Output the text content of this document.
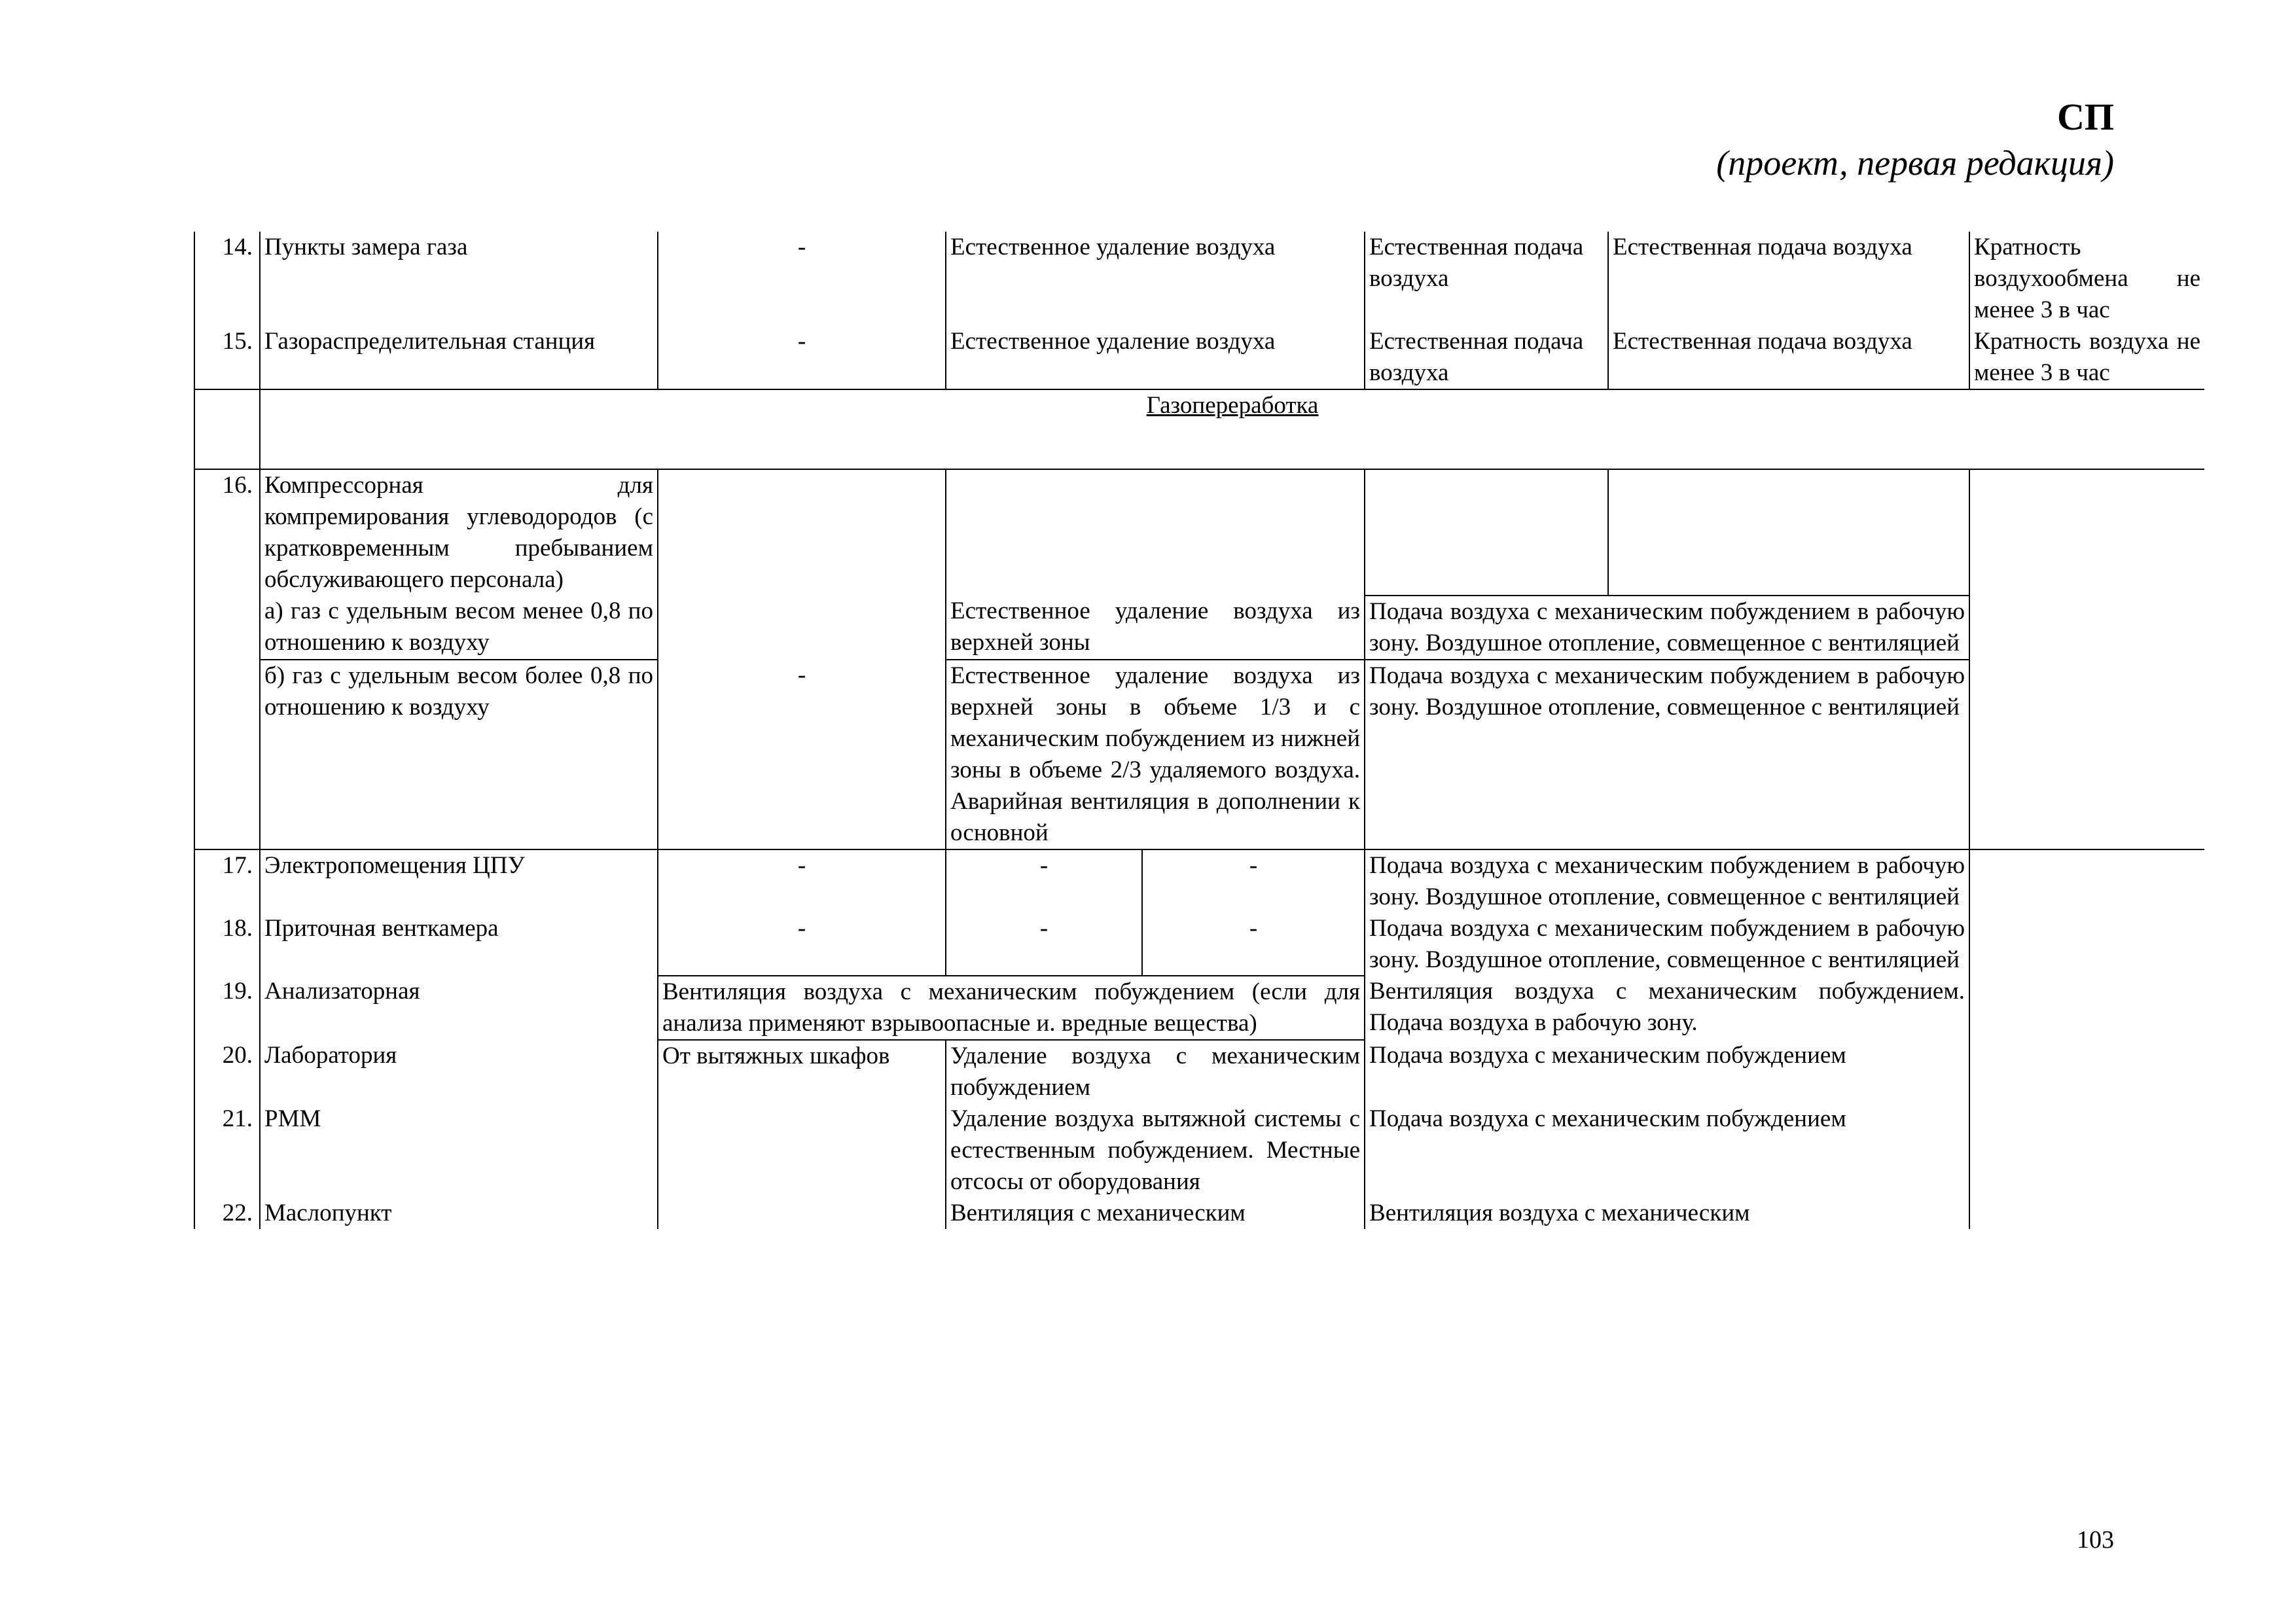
СП
(проект, первая редакция)
14.	Пункты замера газа	-	Естественное удаление воздуха		Естественная подача воздуха	Естественная подача воздуха	Кратность воздухообмена не менее 3 в час
15.	Газораспределительная станция	-	Естественное удаление воздуха		Естественная подача воздуха	Естественная подача воздуха	Кратность воздуха не менее 3 в час

	Газопереработка						

16.	Компрессорная для компремирования углеводородов (с кратковременным пребыванием обслуживающего персонала)						
	а) газ с удельным весом менее 0,8 по отношению к воздуху		Естественное удаление воздуха из верхней зоны		Подача воздуха с механическим побуждением в рабочую зону. Воздушное отопление, совмещенное с вентиляцией		
	б) газ с удельным весом более 0,8 по отношению к воздуху	-	Естественное удаление воздуха из верхней зоны в объеме 1/3 и с механическим побуждением из нижней зоны в объеме 2/3 удаляемого воздуха. Аварийная вентиляция в дополнении к основной		Подача воздуха с механическим побуждением в рабочую зону. Воздушное отопление, совмещенное с вентиляцией		
17.	Электропомещения ЦПУ	-	-	-	Подача воздуха с механическим побуждением в рабочую зону. Воздушное отопление, совмещенное с вентиляцией		
18.	Приточная венткамера	-	-	-	Подача воздуха с механическим побуждением в рабочую зону. Воздушное отопление, совмещенное с вентиляцией		
19.	Анализаторная	Вентиляция воздуха с механическим побуждением (если для анализа применяют взрывоопасные и. вредные вещества)			Вентиляция воздуха с механическим побуждением. Подача воздуха в рабочую зону.		
20.	Лаборатория	От вытяжных шкафов	Удаление воздуха с механическим побуждением		Подача воздуха с механическим побуждением		
21.	РММ		Удаление воздуха вытяжной системы с естественным побуждением. Местные отсосы от оборудования		Подача воздуха с механическим побуждением		
22.	Маслопункт		Вентиляция с механическим		Вентиляция воздуха с механическим		
103
